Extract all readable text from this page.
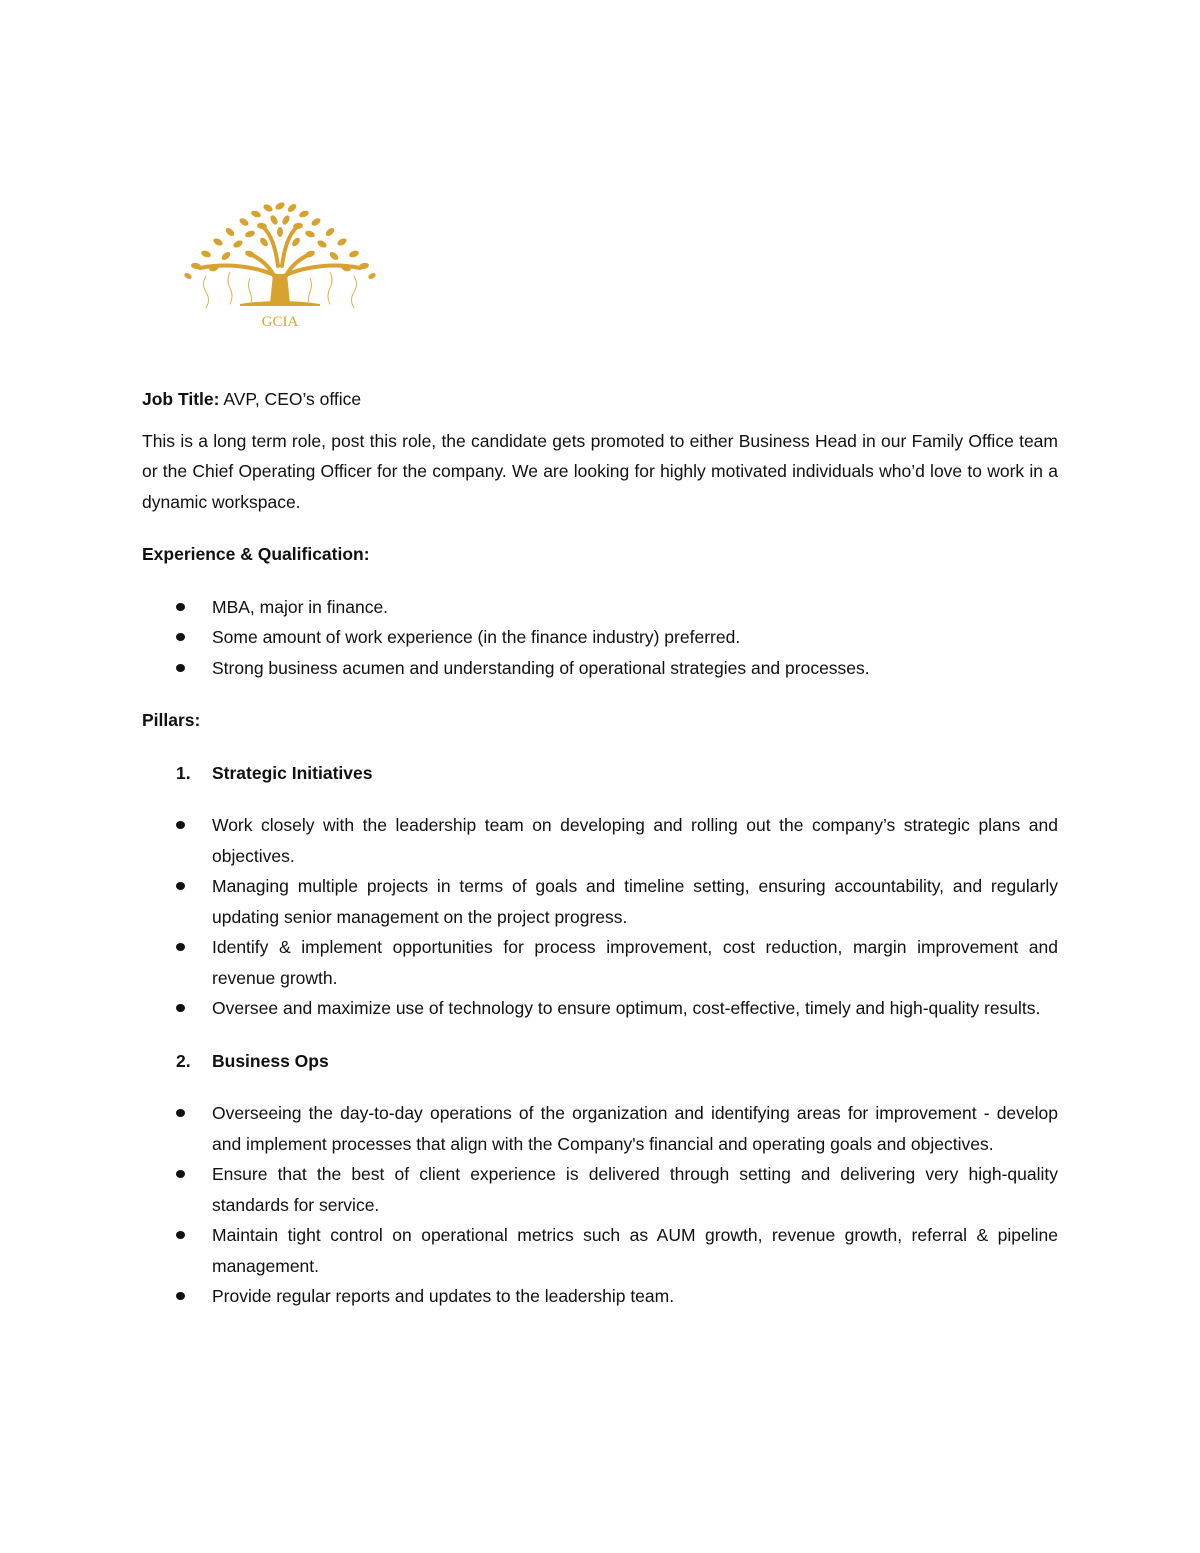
GCIA

Job Title: AVP, CEO’s office

This is a long term role, post this role, the candidate gets promoted to either Business Head in our Family Office team or the Chief Operating Officer for the company. We are looking for highly motivated individuals who’d love to work in a dynamic workspace.

Experience & Qualification:

MBA, major in finance.
Some amount of work experience (in the finance industry) preferred.
Strong business acumen and understanding of operational strategies and processes.

Pillars:

1. Strategic Initiatives

Work closely with the leadership team on developing and rolling out the company’s strategic plans and objectives.
Managing multiple projects in terms of goals and timeline setting, ensuring accountability, and regularly updating senior management on the project progress.
Identify & implement opportunities for process improvement, cost reduction, margin improvement and revenue growth.
Oversee and maximize use of technology to ensure optimum, cost-effective, timely and high-quality results.

2. Business Ops

Overseeing the day-to-day operations of the organization and identifying areas for improvement - develop and implement processes that align with the Company's financial and operating goals and objectives.
Ensure that the best of client experience is delivered through setting and delivering very high-quality standards for service.
Maintain tight control on operational metrics such as AUM growth, revenue growth, referral & pipeline management.
Provide regular reports and updates to the leadership team.
